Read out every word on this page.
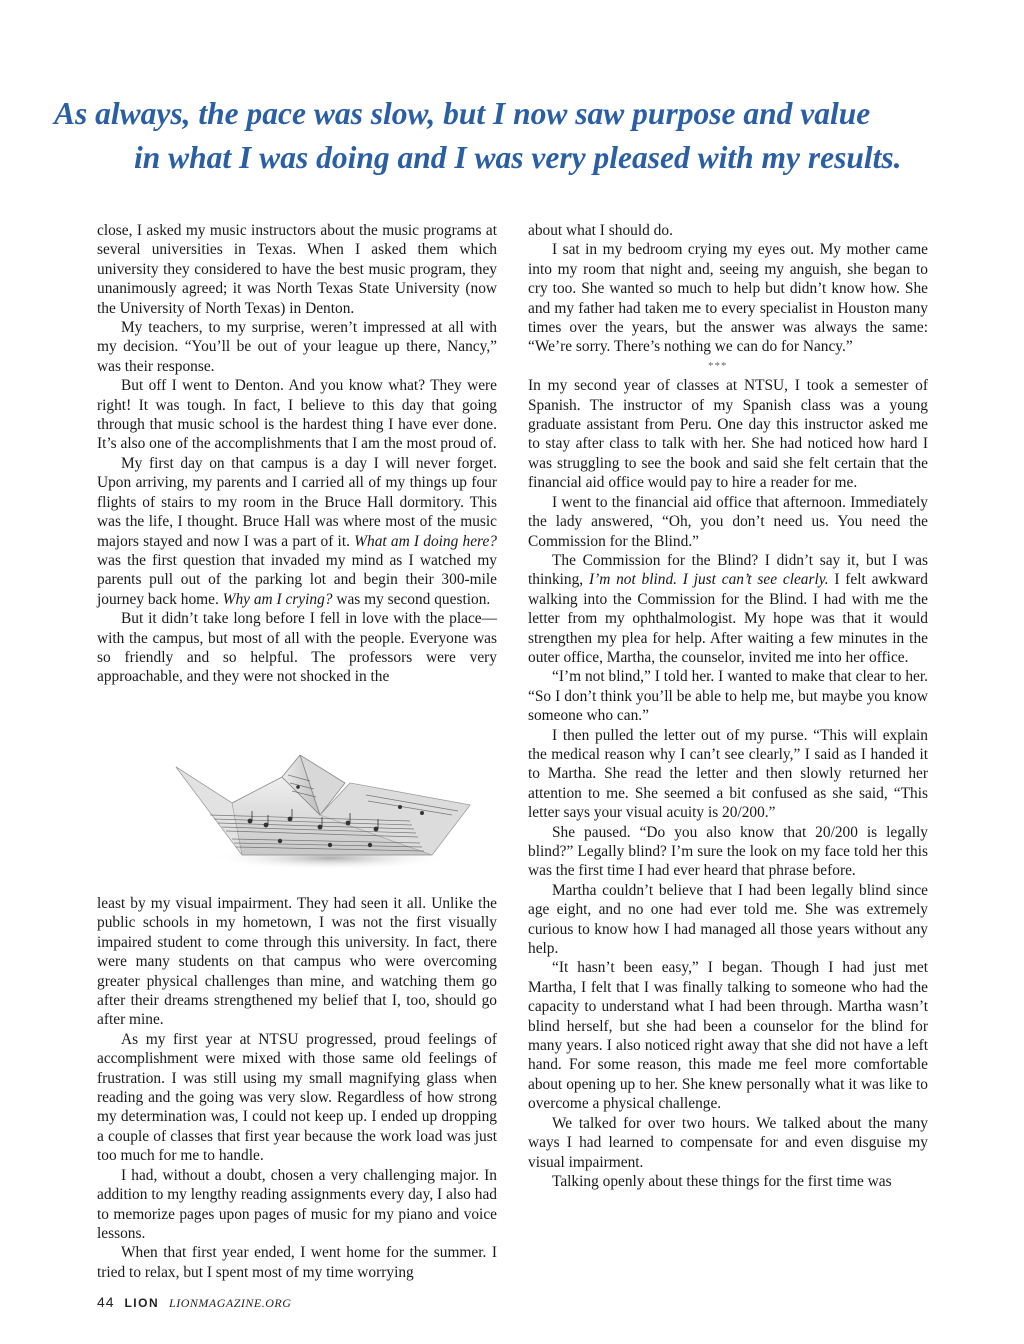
As always, the pace was slow, but I now saw purpose and value
in what I was doing and I was very pleased with my results.

close, I asked my music instructors about the music programs at several universities in Texas. When I asked them which university they considered to have the best music program, they unanimously agreed; it was North Texas State University (now the University of North Texas) in Denton.

My teachers, to my surprise, weren’t impressed at all with my decision. “You’ll be out of your league up there, Nancy,” was their response.

But off I went to Denton. And you know what? They were right! It was tough. In fact, I believe to this day that going through that music school is the hardest thing I have ever done. It’s also one of the accomplishments that I am the most proud of.

My first day on that campus is a day I will never forget. Upon arriving, my parents and I carried all of my things up four flights of stairs to my room in the Bruce Hall dormitory. This was the life, I thought. Bruce Hall was where most of the music majors stayed and now I was a part of it. What am I doing here? was the first question that invaded my mind as I watched my parents pull out of the parking lot and begin their 300-mile journey back home. Why am I crying? was my second question.

But it didn’t take long before I fell in love with the place—with the campus, but most of all with the people. Everyone was so friendly and so helpful. The professors were very approachable, and they were not shocked in the

least by my visual impairment. They had seen it all. Unlike the public schools in my hometown, I was not the first visually impaired student to come through this university. In fact, there were many students on that campus who were overcoming greater physical challenges than mine, and watching them go after their dreams strengthened my belief that I, too, should go after mine.

As my first year at NTSU progressed, proud feelings of accomplishment were mixed with those same old feelings of frustration. I was still using my small magnifying glass when reading and the going was very slow. Regardless of how strong my determination was, I could not keep up. I ended up dropping a couple of classes that first year because the work load was just too much for me to handle.

I had, without a doubt, chosen a very challenging major. In addition to my lengthy reading assignments every day, I also had to memorize pages upon pages of music for my piano and voice lessons.

When that first year ended, I went home for the summer. I tried to relax, but I spent most of my time worrying

about what I should do.

I sat in my bedroom crying my eyes out. My mother came into my room that night and, seeing my anguish, she began to cry too. She wanted so much to help but didn’t know how. She and my father had taken me to every specialist in Houston many times over the years, but the answer was always the same: “We’re sorry. There’s nothing we can do for Nancy.”

***

In my second year of classes at NTSU, I took a semester of Spanish. The instructor of my Spanish class was a young graduate assistant from Peru. One day this instructor asked me to stay after class to talk with her. She had noticed how hard I was struggling to see the book and said she felt certain that the financial aid office would pay to hire a reader for me.

I went to the financial aid office that afternoon. Immediately the lady answered, “Oh, you don’t need us. You need the Commission for the Blind.”

The Commission for the Blind? I didn’t say it, but I was thinking, I’m not blind. I just can’t see clearly. I felt awkward walking into the Commission for the Blind. I had with me the letter from my ophthalmologist. My hope was that it would strengthen my plea for help. After waiting a few minutes in the outer office, Martha, the counselor, invited me into her office.

“I’m not blind,” I told her. I wanted to make that clear to her. “So I don’t think you’ll be able to help me, but maybe you know someone who can.”

I then pulled the letter out of my purse. “This will explain the medical reason why I can’t see clearly,” I said as I handed it to Martha. She read the letter and then slowly returned her attention to me. She seemed a bit confused as she said, “This letter says your visual acuity is 20/200.”

She paused. “Do you also know that 20/200 is legally blind?” Legally blind? I’m sure the look on my face told her this was the first time I had ever heard that phrase before.

Martha couldn’t believe that I had been legally blind since age eight, and no one had ever told me. She was extremely curious to know how I had managed all those years without any help.

“It hasn’t been easy,” I began. Though I had just met Martha, I felt that I was finally talking to someone who had the capacity to understand what I had been through. Martha wasn’t blind herself, but she had been a counselor for the blind for many years. I also noticed right away that she did not have a left hand. For some reason, this made me feel more comfortable about opening up to her. She knew personally what it was like to overcome a physical challenge.

We talked for over two hours. We talked about the many ways I had learned to compensate for and even disguise my visual impairment.

Talking openly about these things for the first time was

44 LION LIONMAGAZINE.ORG
